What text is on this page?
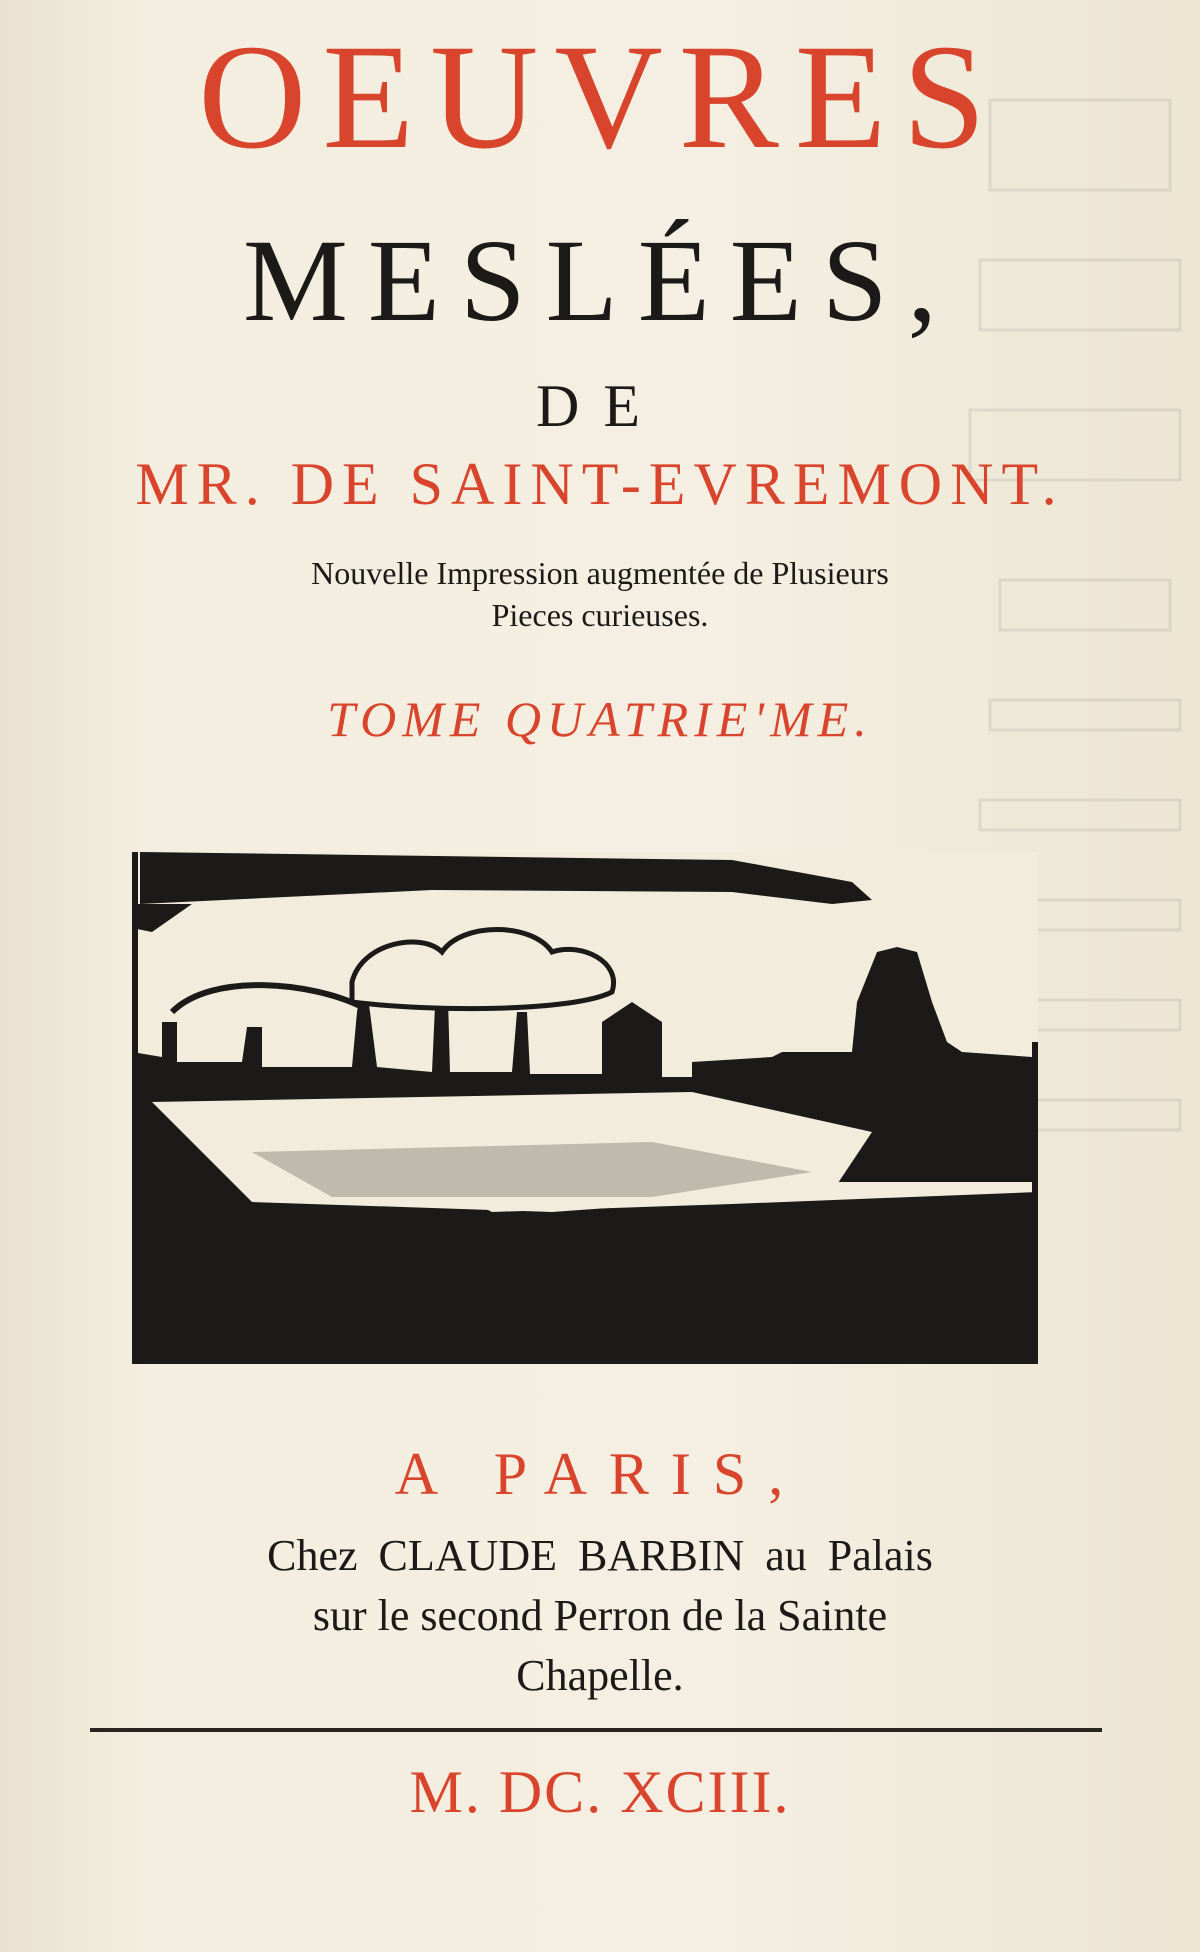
OEUVRES
MESLÉES,
DE
MR. DE SAINT-EVREMONT.
Nouvelle Impression augmentée de Plusieurs
Pieces curieuses.
TOME QUATRIE'ME.
A PARIS,
Chez CLAUDE BARBIN au Palais
sur le second Perron de la Sainte
Chapelle.
M. DC. XCIII.
